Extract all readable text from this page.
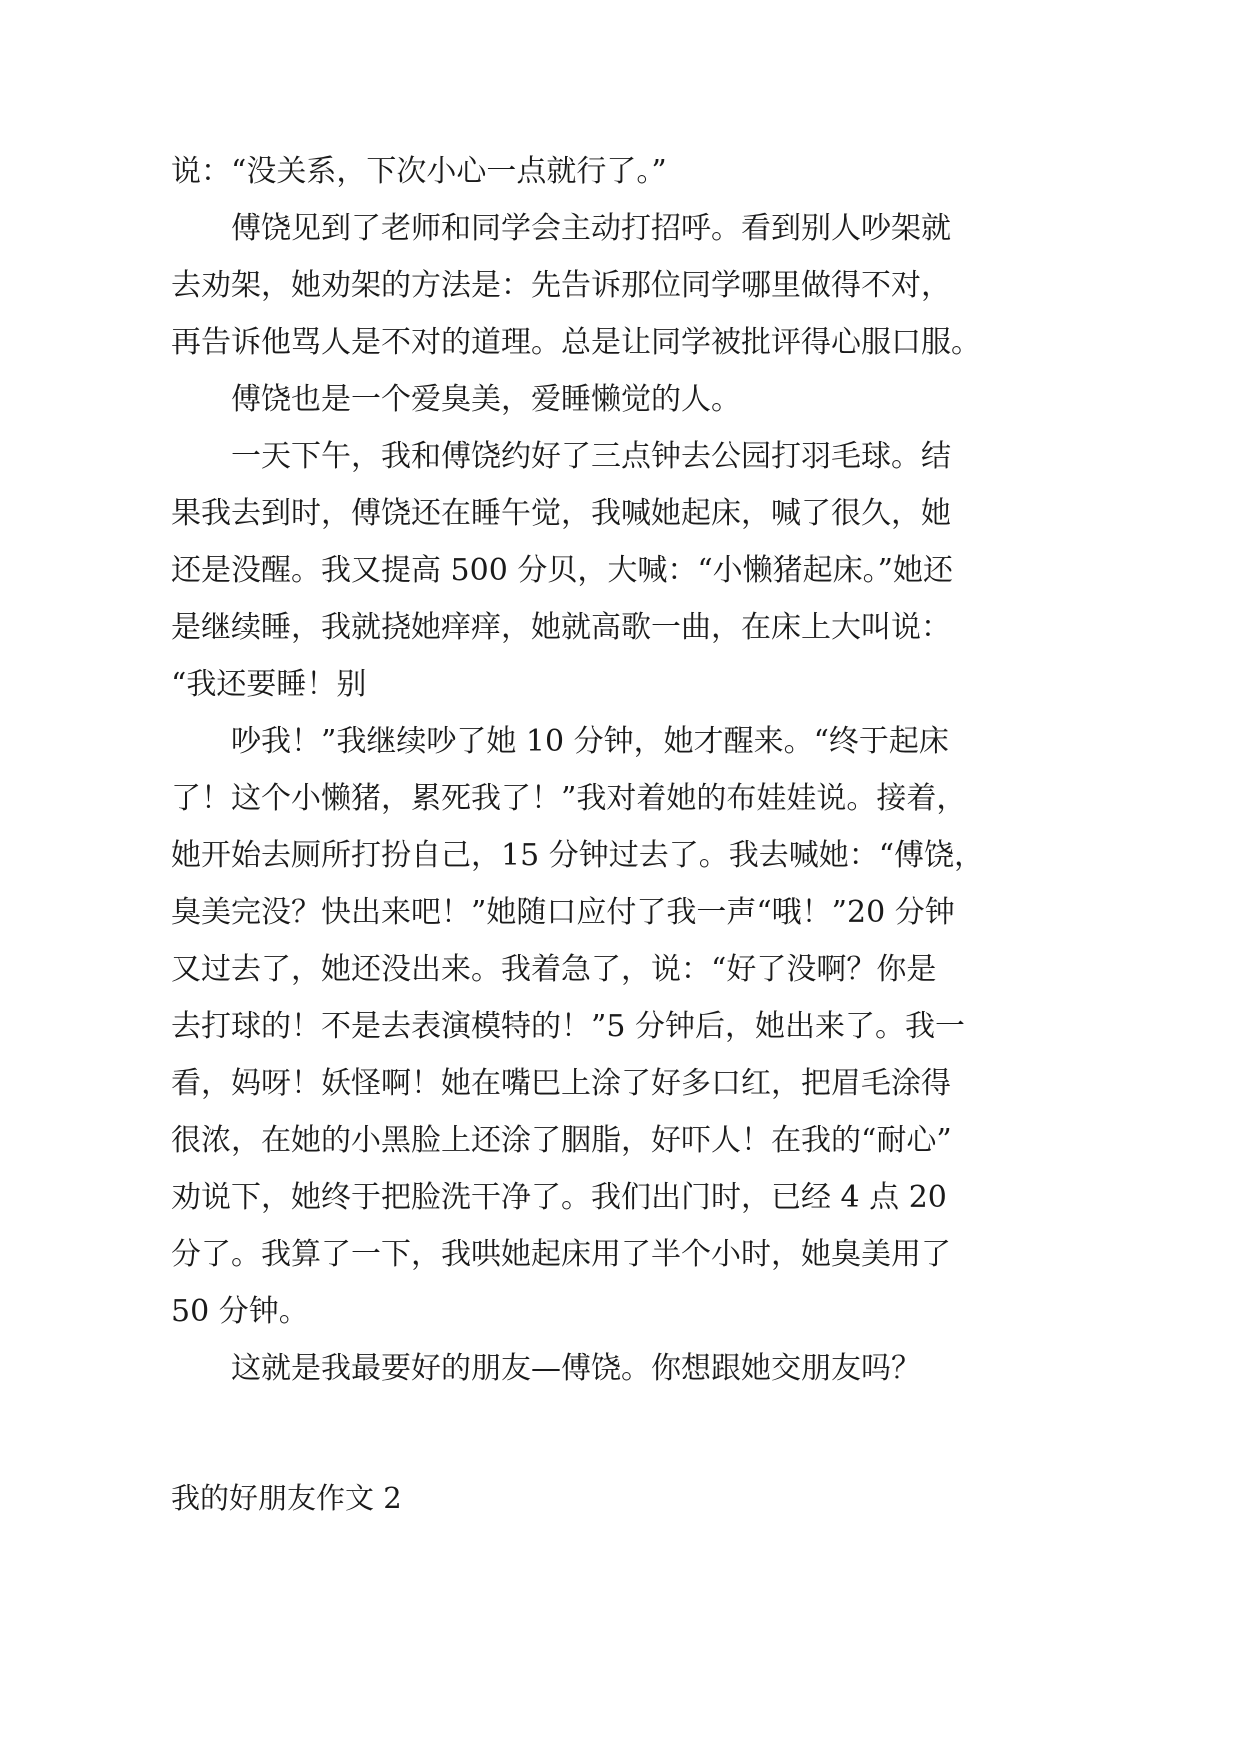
说：“没关系，下次小心一点就行了。”

傅饶见到了老师和同学会主动打招呼。看到别人吵架就

去劝架，她劝架的方法是：先告诉那位同学哪里做得不对，

再告诉他骂人是不对的道理。总是让同学被批评得心服口服。

傅饶也是一个爱臭美，爱睡懒觉的人。

一天下午，我和傅饶约好了三点钟去公园打羽毛球。结

果我去到时，傅饶还在睡午觉，我喊她起床，喊了很久，她

还是没醒。我又提高 500 分贝，大喊：“小懒猪起床。”她还

是继续睡，我就挠她痒痒，她就高歌一曲，在床上大叫说：

“我还要睡！别

吵我！”我继续吵了她 10 分钟，她才醒来。“终于起床

了！这个小懒猪，累死我了！”我对着她的布娃娃说。接着，

她开始去厕所打扮自己，15 分钟过去了。我去喊她：“傅饶，

臭美完没？快出来吧！”她随口应付了我一声“哦！”20 分钟

又过去了，她还没出来。我着急了，说：“好了没啊？你是

去打球的！不是去表演模特的！”5 分钟后，她出来了。我一

看，妈呀！妖怪啊！她在嘴巴上涂了好多口红，把眉毛涂得

很浓，在她的小黑脸上还涂了胭脂，好吓人！在我的“耐心”

劝说下，她终于把脸洗干净了。我们出门时，已经 4 点 20

分了。我算了一下，我哄她起床用了半个小时，她臭美用了

50 分钟。

这就是我最要好的朋友—傅饶。你想跟她交朋友吗？

我的好朋友作文 2
